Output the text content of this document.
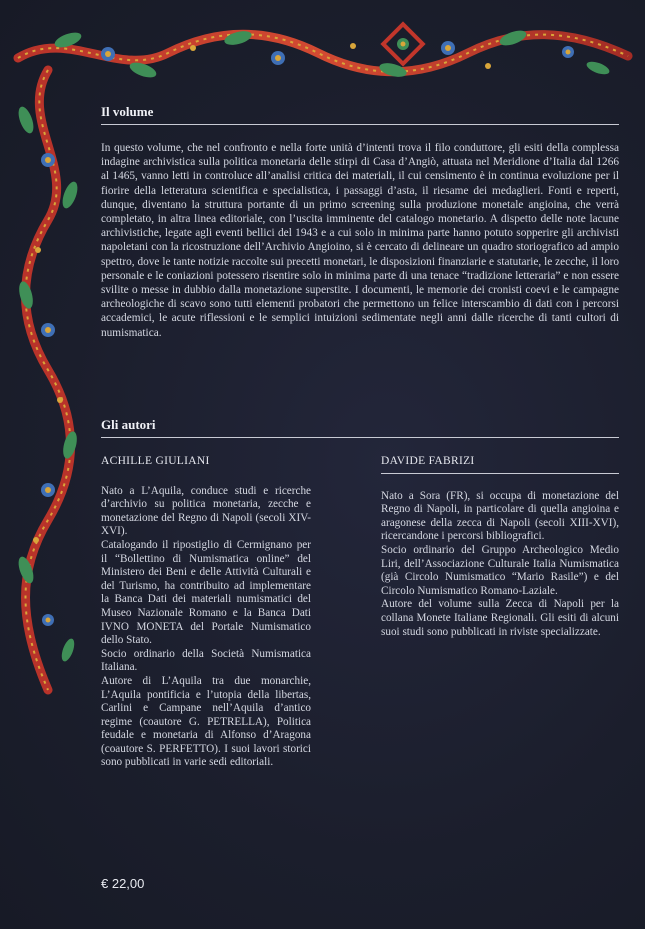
Il volume
In questo volume, che nel confronto e nella forte unità d’intenti trova il filo conduttore, gli esiti della complessa indagine archivistica sulla politica monetaria delle stirpi di Casa d’Angiò, attuata nel Meridione d’Italia dal 1266 al 1465, vanno letti in controluce all’analisi critica dei materiali, il cui censimento è in continua evoluzione per il fiorire della letteratura scientifica e specialistica, i passaggi d’asta, il riesame dei medaglieri. Fonti e reperti, dunque, diventano la struttura portante di un primo screening sulla produzione monetale angioina, che verrà completato, in altra linea editoriale, con l’uscita imminente del catalogo monetario. A dispetto delle note lacune archivistiche, legate agli eventi bellici del 1943 e a cui solo in minima parte hanno potuto sopperire gli archivisti napoletani con la ricostruzione dell’Archivio Angioino, si è cercato di delineare un quadro storiografico ad ampio spettro, dove le tante notizie raccolte sui precetti monetari, le disposizioni finanziarie e statutarie, le zecche, il loro personale e le coniazioni potessero risentire solo in minima parte di una tenace “tradizione letteraria” e non essere svilite o messe in dubbio dalla monetazione superstite. I documenti, le memorie dei cronisti coevi e le campagne archeologiche di scavo sono tutti elementi probatori che permettono un felice interscambio di dati con i percorsi accademici, le acute riflessioni e le semplici intuizioni sedimentate negli anni dalle ricerche di tanti cultori di numismatica.
Gli autori
ACHILLE GIULIANI

Nato a L’Aquila, conduce studi e ricerche d’archivio su politica monetaria, zecche e monetazione del Regno di Napoli (secoli XIV-XVI).

Catalogando il ripostiglio di Cermignano per il “Bollettino di Numismatica online” del Ministero dei Beni e delle Attività Culturali e del Turismo, ha contribuito ad implementare la Banca Dati dei materiali numismatici del Museo Nazionale Romano e la Banca Dati IVNO MONETA del Portale Numismatico dello Stato.

Socio ordinario della Società Numismatica Italiana.

Autore di L’Aquila tra due monarchie, L’Aquila pontificia e l’utopia della libertas, Carlini e Campane nell’Aquila d’antico regime (coautore G. PETRELLA), Politica feudale e monetaria di Alfonso d’Aragona (coautore S. PERFETTO). I suoi lavori storici sono pubblicati in varie sedi editoriali.

DAVIDE FABRIZI

Nato a Sora (FR), si occupa di monetazione del Regno di Napoli, in particolare di quella angioina e aragonese della zecca di Napoli (secoli XIII-XVI), ricercandone i percorsi bibliografici.

Socio ordinario del Gruppo Archeologico Medio Liri, dell’Associazione Culturale Italia Numismatica (già Circolo Numismatico “Mario Rasile”) e del Circolo Numismatico Romano-Laziale.

Autore del volume sulla Zecca di Napoli per la collana Monete Italiane Regionali. Gli esiti di alcuni suoi studi sono pubblicati in riviste specializzate.

€ 22,00
